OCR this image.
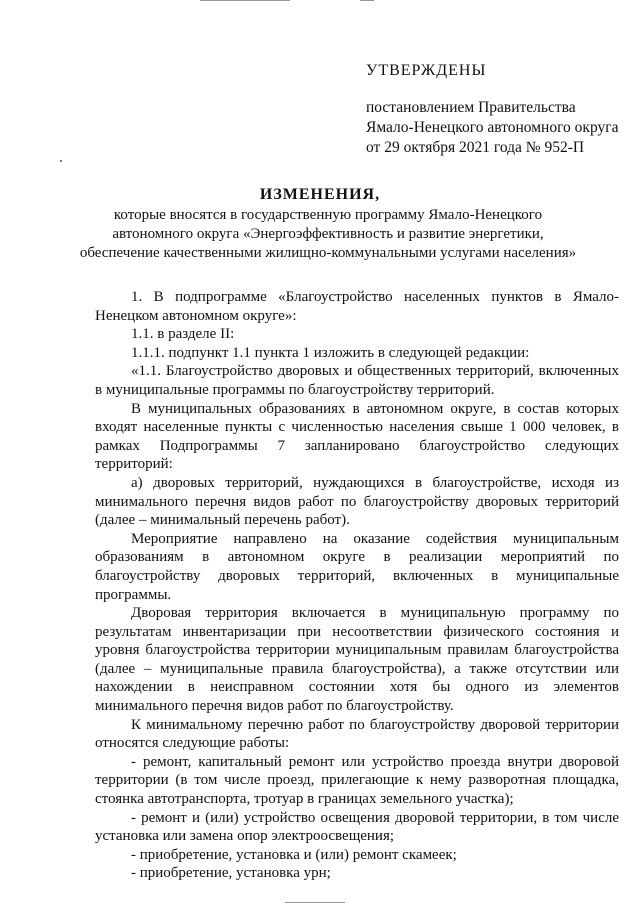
УТВЕРЖДЕНЫ
постановлением Правительства
Ямало-Ненецкого автономного округа
от 29 октября 2021 года № 952-П
ИЗМЕНЕНИЯ,
которые вносятся в государственную программу Ямало-Ненецкого
автономного округа «Энергоэффективность и развитие энергетики,
обеспечение качественными жилищно-коммунальными услугами населения»

1. В подпрограмме «Благоустройство населенных пунктов в Ямало-Ненецком автономном округе»:

1.1. в разделе II:

1.1.1. подпункт 1.1 пункта 1 изложить в следующей редакции:

«1.1. Благоустройство дворовых и общественных территорий, включенных в муниципальные программы по благоустройству территорий.

В муниципальных образованиях в автономном округе, в состав которых входят населенные пункты с численностью населения свыше 1 000 человек, в рамках Подпрограммы 7 запланировано благоустройство следующих территорий:

а) дворовых территорий, нуждающихся в благоустройстве, исходя из минимального перечня видов работ по благоустройству дворовых территорий (далее – минимальный перечень работ).

Мероприятие направлено на оказание содействия муниципальным образованиям в автономном округе в реализации мероприятий по благоустройству дворовых территорий, включенных в муниципальные программы.

Дворовая территория включается в муниципальную программу по результатам инвентаризации при несоответствии физического состояния и уровня благоустройства территории муниципальным правилам благоустройства (далее – муниципальные правила благоустройства), а также отсутствии или нахождении в неисправном состоянии хотя бы одного из элементов минимального перечня видов работ по благоустройству.

К минимальному перечню работ по благоустройству дворовой территории относятся следующие работы:

- ремонт, капитальный ремонт или устройство проезда внутри дворовой территории (в том числе проезд, прилегающие к нему разворотная площадка, стоянка автотранспорта, тротуар в границах земельного участка);

- ремонт и (или) устройство освещения дворовой территории, в том числе установка или замена опор электроосвещения;

- приобретение, установка и (или) ремонт скамеек;

- приобретение, установка урн;
